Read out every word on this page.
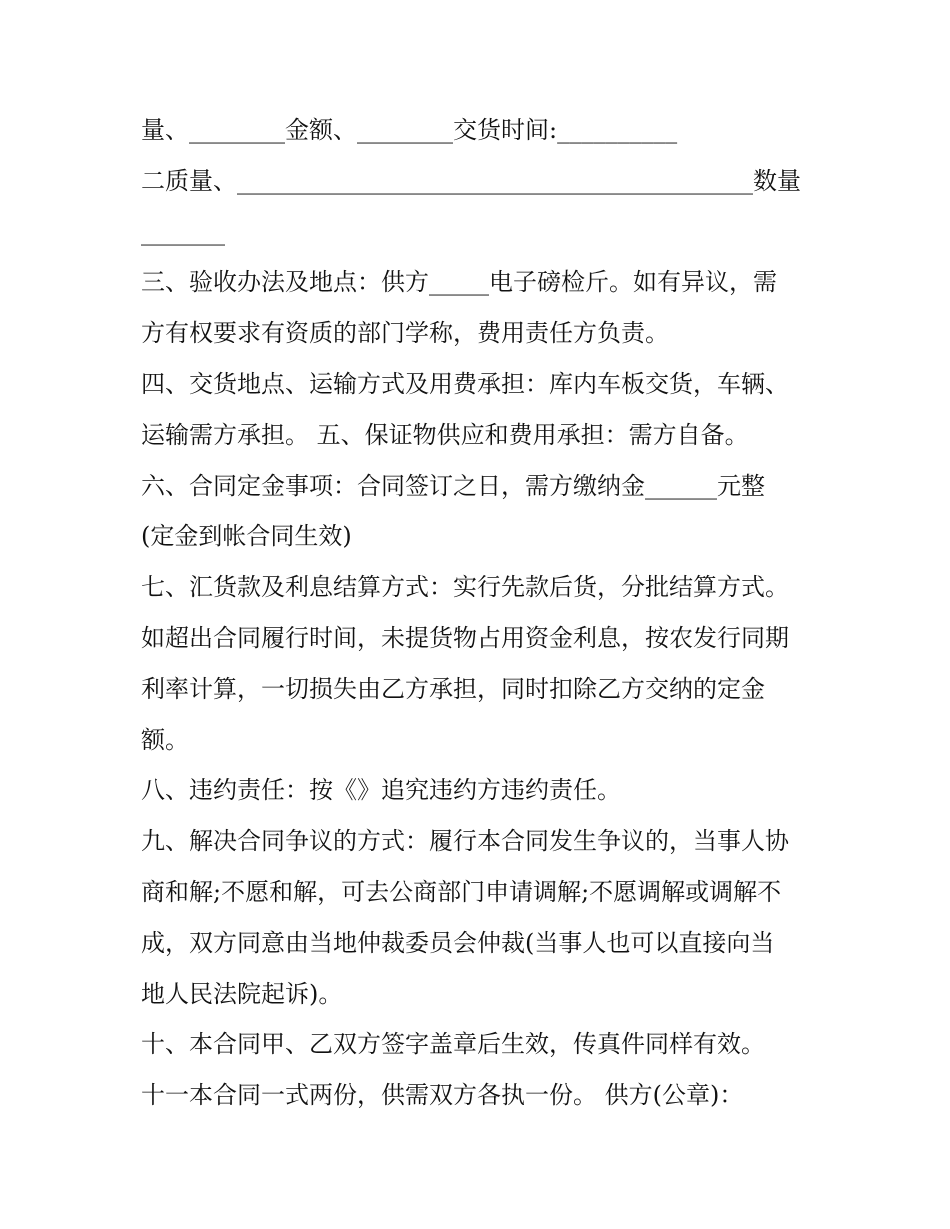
量、________金额、________交货时间:__________
二质量、___________________________________________数量
_______
三、验收办法及地点：供方_____电子磅检斤。如有异议，需
方有权要求有资质的部门学称，费用责任方负责。
四、交货地点、运输方式及用费承担：库内车板交货，车辆、
运输需方承担。 五、保证物供应和费用承担：需方自备。
六、合同定金事项：合同签订之日，需方缴纳金______元整
(定金到帐合同生效)
七、汇货款及利息结算方式：实行先款后货，分批结算方式。
如超出合同履行时间，未提货物占用资金利息，按农发行同期
利率计算，一切损失由乙方承担，同时扣除乙方交纳的定金
额。
八、违约责任：按《》追究违约方违约责任。
九、解决合同争议的方式：履行本合同发生争议的，当事人协
商和解;不愿和解，可去公商部门申请调解;不愿调解或调解不
成，双方同意由当地仲裁委员会仲裁(当事人也可以直接向当
地人民法院起诉)。
十、本合同甲、乙双方签字盖章后生效，传真件同样有效。
十一本合同一式两份，供需双方各执一份。 供方(公章)：
